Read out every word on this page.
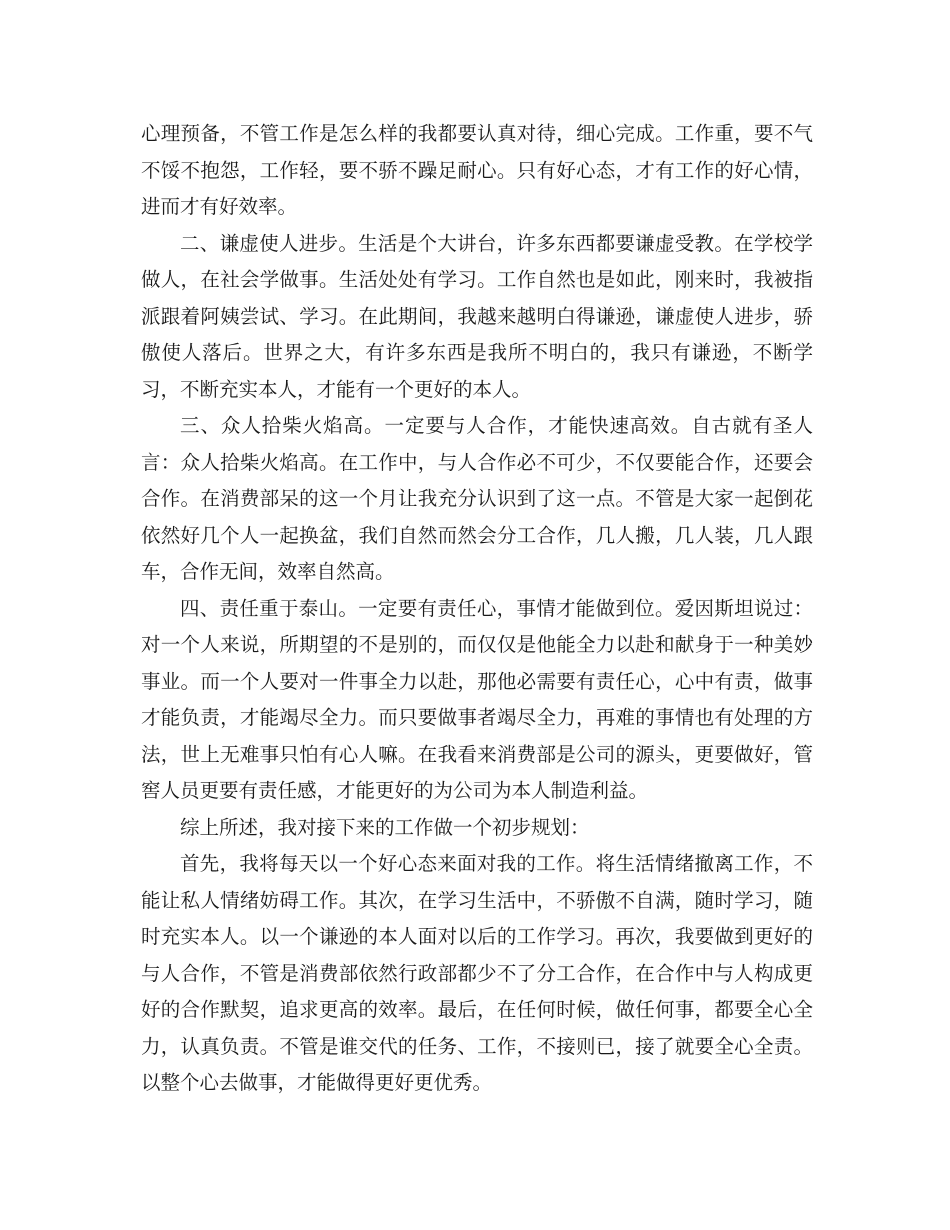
心理预备，不管工作是怎么样的我都要认真对待，细心完成。工作重，要不气不馁不抱怨，工作轻，要不骄不躁足耐心。只有好心态，才有工作的好心情，进而才有好效率。

二、谦虚使人进步。生活是个大讲台，许多东西都要谦虚受教。在学校学做人，在社会学做事。生活处处有学习。工作自然也是如此，刚来时，我被指派跟着阿姨尝试、学习。在此期间，我越来越明白得谦逊，谦虚使人进步，骄傲使人落后。世界之大，有许多东西是我所不明白的，我只有谦逊，不断学习，不断充实本人，才能有一个更好的本人。

三、众人拾柴火焰高。一定要与人合作，才能快速高效。自古就有圣人言：众人拾柴火焰高。在工作中，与人合作必不可少，不仅要能合作，还要会合作。在消费部呆的这一个月让我充分认识到了这一点。不管是大家一起倒花依然好几个人一起换盆，我们自然而然会分工合作，几人搬，几人装，几人跟车，合作无间，效率自然高。

四、责任重于泰山。一定要有责任心，事情才能做到位。爱因斯坦说过：对一个人来说，所期望的不是别的，而仅仅是他能全力以赴和献身于一种美妙事业。而一个人要对一件事全力以赴，那他必需要有责任心，心中有责，做事才能负责，才能竭尽全力。而只要做事者竭尽全力，再难的事情也有处理的方法，世上无难事只怕有心人嘛。在我看来消费部是公司的源头，更要做好，管窖人员更要有责任感，才能更好的为公司为本人制造利益。

综上所述，我对接下来的工作做一个初步规划：

首先，我将每天以一个好心态来面对我的工作。将生活情绪撤离工作，不能让私人情绪妨碍工作。其次，在学习生活中，不骄傲不自满，随时学习，随时充实本人。以一个谦逊的本人面对以后的工作学习。再次，我要做到更好的与人合作，不管是消费部依然行政部都少不了分工合作，在合作中与人构成更好的合作默契，追求更高的效率。最后，在任何时候，做任何事，都要全心全力，认真负责。不管是谁交代的任务、工作，不接则已，接了就要全心全责。以整个心去做事，才能做得更好更优秀。
